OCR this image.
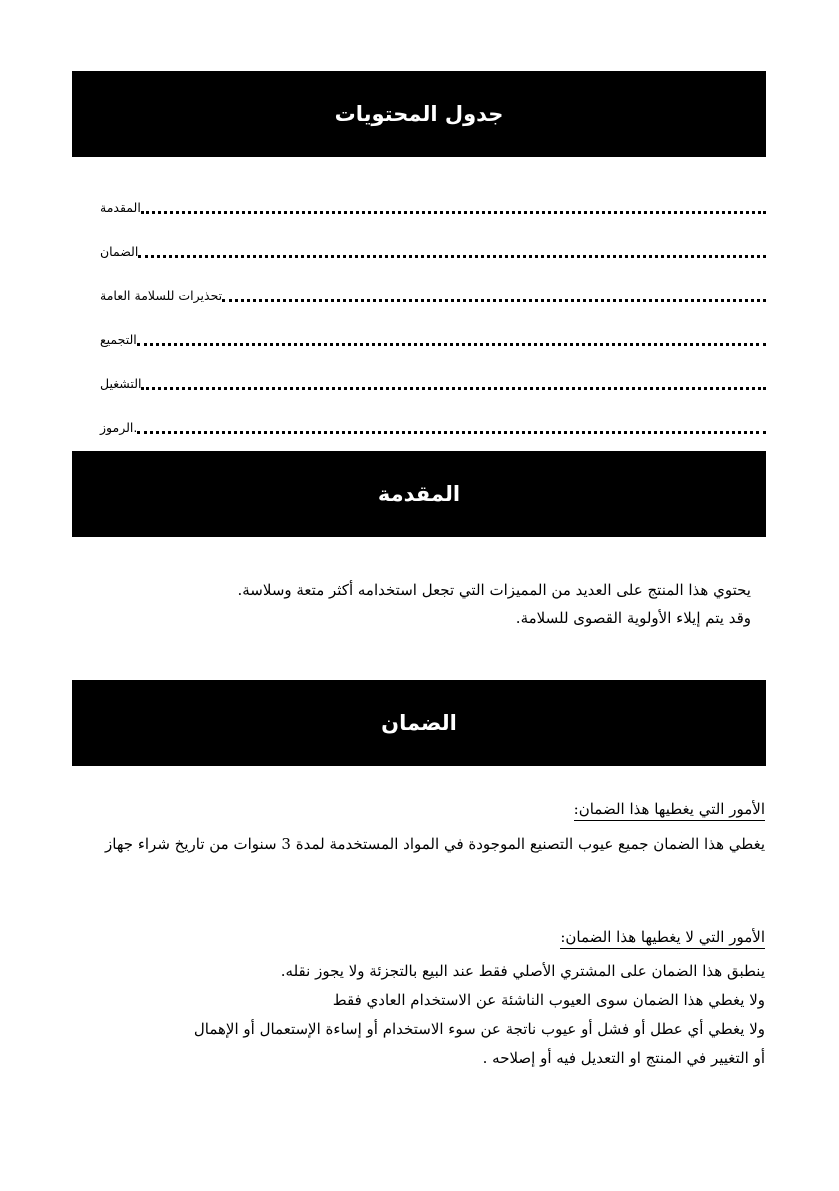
جدول المحتويات
المقدمة
الضمان
تحذيرات للسلامة العامة
التجميع
التشغيل
.الرموز
المقدمة
يحتوي هذا المنتج على العديد من المميزات التي تجعل استخدامه أكثر متعة وسلاسة.
وقد يتم إيلاء الأولوية القصوى للسلامة.
الضمان
الأمور التي يغطيها هذا الضمان:
يغطي هذا الضمان جميع عيوب التصنيع الموجودة في المواد المستخدمة لمدة 3 سنوات من تاريخ شراء جهاز
الأمور التي لا يغطيها هذا الضمان:
ينطبق هذا الضمان على المشتري الأصلي فقط عند البيع بالتجزئة ولا يجوز نقله.
ولا يغطي هذا الضمان سوى العيوب الناشئة عن الاستخدام العادي فقط
ولا يغطي أي عطل أو فشل أو عيوب ناتجة عن سوء الاستخدام أو إساءة الإستعمال أو الإهمال
أو التغيير في المنتج او التعديل فيه أو إصلاحه .
